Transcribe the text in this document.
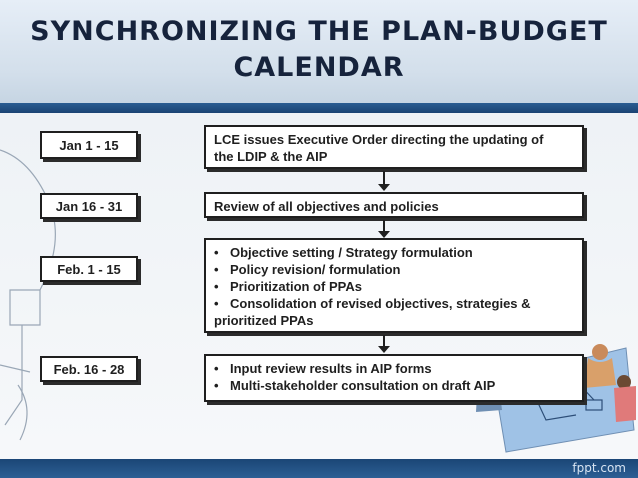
SYNCHRONIZING THE PLAN-BUDGET
CALENDAR
Jan 1 - 15	LCE issues Executive Order directing the updating of
the LDIP & the AIP
Jan 16 - 31	Review of all objectives and policies
Feb. 1 - 15
• Objective setting / Strategy formulation
• Policy revision/ formulation
• Prioritization of PPAs
• Consolidation of revised objectives, strategies &
prioritized PPAs
Feb. 16 - 28
•	Input review results in AIP forms
• Multi-stakeholder consultation on draft AIP
fppt.com
